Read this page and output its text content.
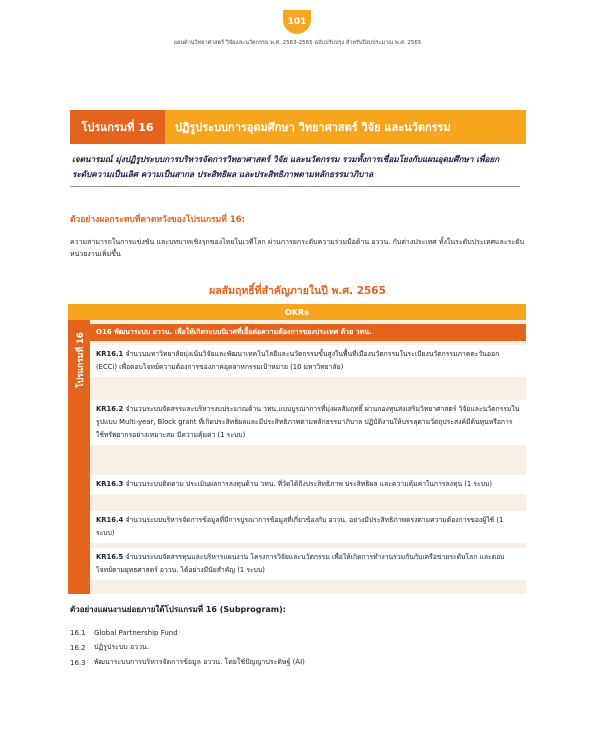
101
แผนด้านวิทยาศาสตร์ วิจัยและนวัตกรรม พ.ศ. 2563-2565 ฉบับปรับปรุง สำหรับปีงบประมาณ พ.ศ. 2565
โปรแกรมที่ 16	ปฏิรูประบบการอุดมศึกษา วิทยาศาสตร์ วิจัย และนวัตกรรม
เจตนารมณ์ มุ่งปฏิรูประบบการบริหารจัดการวิทยาศาสตร์ วิจัย และนวัตกรรม รวมทั้งการเชื่อมโยงกับแผนอุดมศึกษา เพื่อยกระดับความเป็นเลิศ ความเป็นสากล ประสิทธิผล และประสิทธิภาพตามหลักธรรมาภิบาล
ตัวอย่างผลกระทบที่คาดหวังของโปรแกรมที่ 16:
ความสามารถในการแข่งขัน และบทบาทเชิงรุกของไทยในเวทีโลก ผ่านการยกระดับความร่วมมือด้าน อววน. กับต่างประเทศ ทั้งในระดับประเทศและระดับหน่วยงานเพิ่มขึ้น
ผลสัมฤทธิ์ที่สำคัญภายในปี พ.ศ. 2565
OKRs
โปรแกรมที่ 16
O16 พัฒนาระบบ อววน. เพื่อให้เกิดระบบนิเวศที่เอื้อต่อความต้องการของประเทศ ด้วย วทน.
KR16.1 จำนวนมหาวิทยาลัยมุ่งเน้นวิจัยและพัฒนาเทคโนโลยีและนวัตกรรมขั้นสูงในพื้นที่เมืองนวัตกรรมในระเบียงนวัตกรรมภาคตะวันออก (ECCi) เพื่อตอบโจทย์ความต้องการของภาคอุตสาหกรรมเป้าหมาย (10 มหาวิทยาลัย)
KR16.2 จำนวนระบบจัดสรรและบริหารงบประมาณด้าน วทน.แบบบูรณาการที่มุ่งผลสัมฤทธิ์ ผ่านกองทุนส่งเสริมวิทยาศาสตร์ วิจัยและนวัตกรรมในรูปแบบ Multi-year, Block grant ที่เกิดประสิทธิผลและมีประสิทธิภาพตามหลักธรรมาภิบาล ปฏิบัติงานให้บรรลุตามวัตถุประสงค์มีต้นทุนหรือการใช้ทรัพยากรอย่างเหมาะสม มีความคุ้มค่า (1 ระบบ)
KR16.3 จำนวนระบบติดตาม ประเมินผลการลงทุนด้าน วทน. ที่วัดได้ถึงประสิทธิภาพ ประสิทธิผล และความคุ้มค่าในการลงทุน (1 ระบบ)
KR16.4 จำนวนระบบบริหารจัดการข้อมูลที่มีการบูรณาการข้อมูลที่เกี่ยวข้องกับ อววน. อย่างมีประสิทธิภาพตรงตามความต้องการของผู้ใช้ (1 ระบบ)
KR16.5 จำนวนระบบจัดสรรทุนและบริหารแผนงาน โครงการวิจัยและนวัตกรรม เพื่อให้เกิดการทำงานร่วมกันกับเครือข่ายระดับโลก และตอบโจทย์ตามยุทธศาสตร์ อววน. ได้อย่างมีนัยสำคัญ (1 ระบบ)
ตัวอย่างแผนงานย่อยภายใต้โปรแกรมที่ 16 (Subprogram):
16.1	Global Partnership Fund
16.2	ปฏิรูประบบ อววน.
16.3	พัฒนาระบบการบริหารจัดการข้อมูล อววน. โดยใช้ปัญญาประดิษฐ์ (AI)
